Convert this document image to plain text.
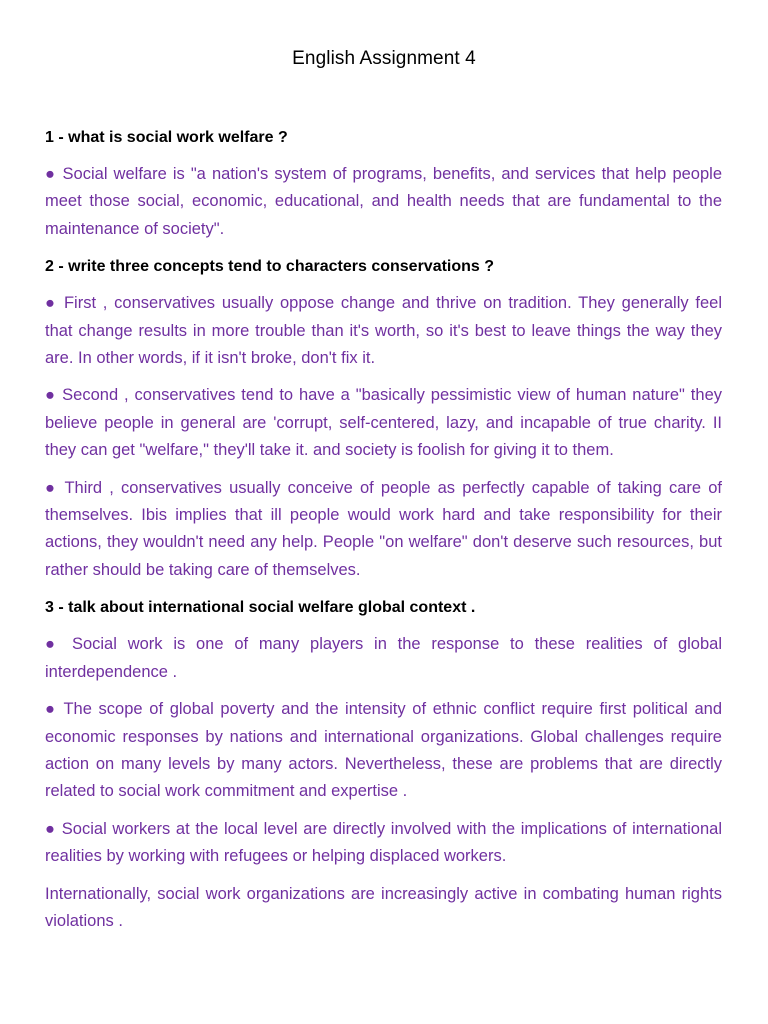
English Assignment 4
1 - what is social work welfare ?

● Social welfare is "a nation's system of programs, benefits, and services that help people meet those social, economic, educational, and health needs that are fundamental to the maintenance of society".

2 - write three concepts tend to characters conservations ?

● First , conservatives usually oppose change and thrive on tradition. They generally feel that change results in more trouble than it's worth, so it's best to leave things the way they are. In other words, if it isn't broke, don't fix it.

● Second , conservatives tend to have a "basically pessimistic view of human nature" they believe people in general are 'corrupt, self-centered, lazy, and incapable of true charity. II they can get "welfare," they'll take it. and society is foolish for giving it to them.

● Third , conservatives usually conceive of people as perfectly capable of taking care of themselves. Ibis implies that ill people would work hard and take responsibility for their actions, they wouldn't need any help. People "on welfare" don't deserve such resources, but rather should be taking care of themselves.

3 - talk about international social welfare global context .

● Social work is one of many players in the response to these realities of global interdependence .

● The scope of global poverty and the intensity of ethnic conflict require first political and economic responses by nations and international organizations. Global challenges require action on many levels by many actors. Nevertheless, these are problems that are directly related to social work commitment and expertise .

● Social workers at the local level are directly involved with the implications of international realities by working with refugees or helping displaced workers.

Internationally, social work organizations are increasingly active in combating human rights violations .
